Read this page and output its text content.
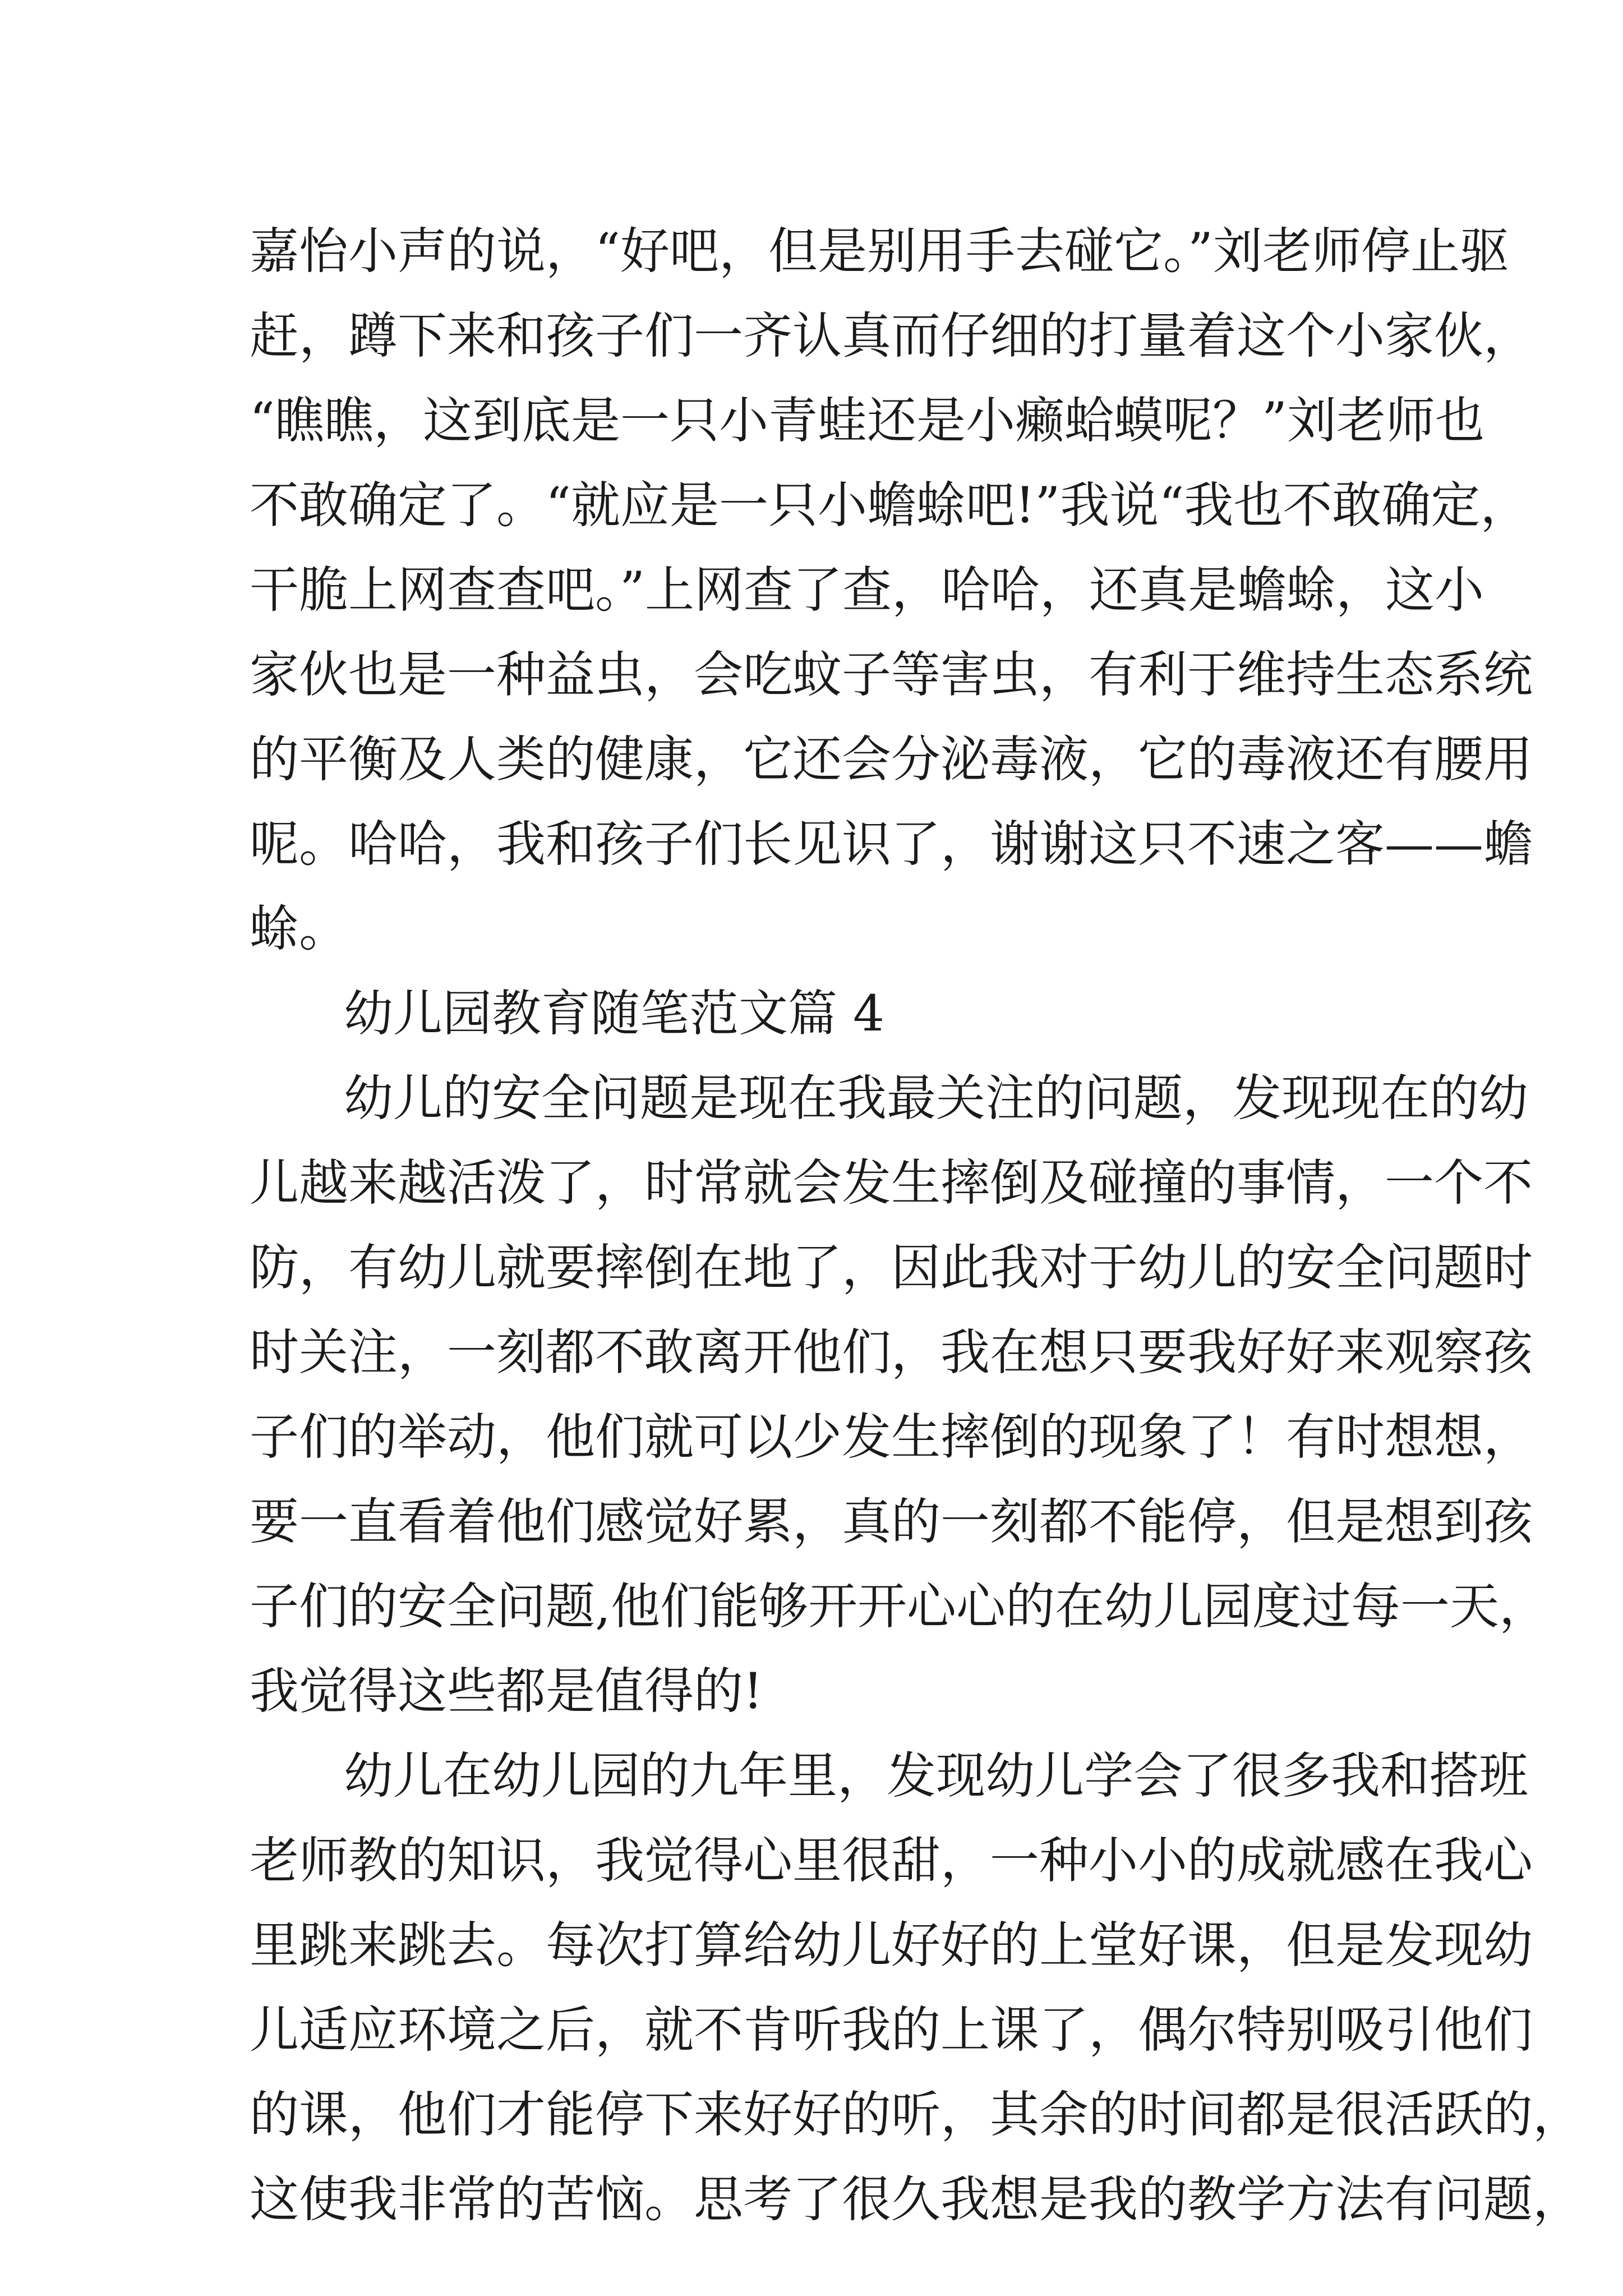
嘉怡小声的说，“好吧，但是别用手去碰它。”刘老师停止驱
赶，蹲下来和孩子们一齐认真而仔细的打量着这个小家伙，
“瞧瞧，这到底是一只小青蛙还是小癞蛤蟆呢？”刘老师也
不敢确定了。“就应是一只小蟾蜍吧!”我说“我也不敢确定，
干脆上网查查吧。”上网查了查，哈哈，还真是蟾蜍，这小
家伙也是一种益虫，会吃蚊子等害虫，有利于维持生态系统
的平衡及人类的健康，它还会分泌毒液，它的毒液还有腰用
呢。哈哈，我和孩子们长见识了，谢谢这只不速之客——蟾
蜍。
幼儿园教育随笔范文篇 4
幼儿的安全问题是现在我最关注的问题，发现现在的幼
儿越来越活泼了，时常就会发生摔倒及碰撞的事情，一个不
防，有幼儿就要摔倒在地了，因此我对于幼儿的安全问题时
时关注，一刻都不敢离开他们，我在想只要我好好来观察孩
子们的举动，他们就可以少发生摔倒的现象了！有时想想，
要一直看着他们感觉好累，真的一刻都不能停，但是想到孩
子们的安全问题,他们能够开开心心的在幼儿园度过每一天，
我觉得这些都是值得的!
幼儿在幼儿园的九年里，发现幼儿学会了很多我和搭班
老师教的知识，我觉得心里很甜，一种小小的成就感在我心
里跳来跳去。每次打算给幼儿好好的上堂好课，但是发现幼
儿适应环境之后，就不肯听我的上课了，偶尔特别吸引他们
的课，他们才能停下来好好的听，其余的时间都是很活跃的，
这使我非常的苦恼。思考了很久我想是我的教学方法有问题，
